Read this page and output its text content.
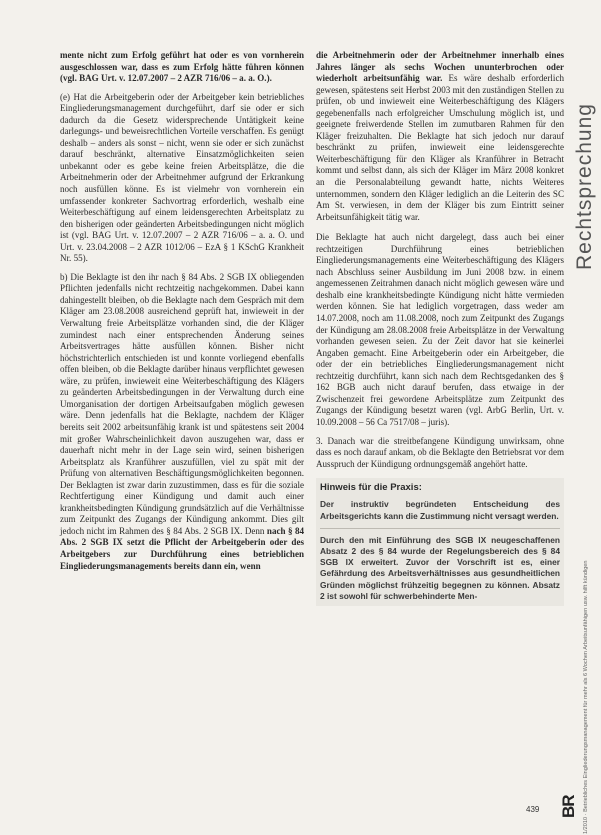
mente nicht zum Erfolg geführt hat oder es von vornherein ausgeschlossen war, dass es zum Erfolg hätte führen können (vgl. BAG Urt. v. 12.07.2007 – 2 AZR 716/06 – a. a. O.).

(e) Hat die Arbeitgeberin oder der Arbeitgeber kein betriebliches Eingliederungsmanagement durchgeführt, darf sie oder er sich dadurch da die Gesetz widersprechende Untätigkeit keine darlegungs- und beweisrechtlichen Vorteile verschaffen. Es genügt deshalb – anders als sonst – nicht, wenn sie oder er sich zunächst darauf beschränkt, alternative Einsatzmöglichkeiten seien unbekannt oder es gebe keine freien Arbeitsplätze, die die Arbeitnehmerin oder der Arbeitnehmer aufgrund der Erkrankung noch ausfüllen könne. Es ist vielmehr von vornherein ein umfassender konkreter Sachvortrag erforderlich, weshalb eine Weiterbeschäftigung auf einem leidensgerechten Arbeitsplatz zu den bisherigen oder geänderten Arbeitsbedingungen nicht möglich ist (vgl. BAG Urt. v. 12.07.2007 – 2 AZR 716/06 – a. a. O. und Urt. v. 23.04.2008 – 2 AZR 1012/06 – EzA § 1 KSchG Krankheit Nr. 55).

b) Die Beklagte ist den ihr nach § 84 Abs. 2 SGB IX obliegenden Pflichten jedenfalls nicht rechtzeitig nachgekommen. Dabei kann dahingestellt bleiben, ob die Beklagte nach dem Gespräch mit dem Kläger am 23.08.2008 ausreichend geprüft hat, inwieweit in der Verwaltung freie Arbeitsplätze vorhanden sind, die der Kläger zumindest nach einer entsprechenden Änderung seines Arbeitsvertrages hätte ausfüllen können. Bisher nicht höchstrichterlich entschieden ist und konnte vorliegend ebenfalls offen bleiben, ob die Beklagte darüber hinaus verpflichtet gewesen wäre, zu prüfen, inwieweit eine Weiterbeschäftigung des Klägers zu geänderten Arbeitsbedingungen in der Verwaltung durch eine Umorganisation der dortigen Arbeitsaufgaben möglich gewesen wäre. Denn jedenfalls hat die Beklagte, nachdem der Kläger bereits seit 2002 arbeitsunfähig krank ist und spätestens seit 2004 mit großer Wahrscheinlichkeit davon auszugehen war, dass er dauerhaft nicht mehr in der Lage sein wird, seinen bisherigen Arbeitsplatz als Kranführer auszufüllen, viel zu spät mit der Prüfung von alternativen Beschäftigungsmöglichkeiten begonnen. Der Beklagten ist zwar darin zuzustimmen, dass es für die soziale Rechtfertigung einer Kündigung und damit auch einer krankheitsbedingten Kündigung grundsätzlich auf die Verhältnisse zum Zeitpunkt des Zugangs der Kündigung ankommt. Dies gilt jedoch nicht im Rahmen des § 84 Abs. 2 SGB IX. Denn nach § 84 Abs. 2 SGB IX setzt die Pflicht der Arbeitgeberin oder des Arbeitgebers zur Durchführung eines betrieblichen Eingliederungsmanagements bereits dann ein, wenn

die Arbeitnehmerin oder der Arbeitnehmer innerhalb eines Jahres länger als sechs Wochen ununterbrochen oder wiederholt arbeitsunfähig war. Es wäre deshalb erforderlich gewesen, spätestens seit Herbst 2003 mit den zuständigen Stellen zu prüfen, ob und inwieweit eine Weiterbeschäftigung des Klägers gegebenenfalls nach erfolgreicher Umschulung möglich ist, und geeignete freiwerdende Stellen im zumutbaren Rahmen für den Kläger freizuhalten. Die Beklagte hat sich jedoch nur darauf beschränkt zu prüfen, inwieweit eine leidensgerechte Weiterbeschäftigung für den Kläger als Kranführer in Betracht kommt und selbst dann, als sich der Kläger im März 2008 konkret an die Personalabteilung gewandt hatte, nichts Weiteres unternommen, sondern den Kläger lediglich an die Leiterin des SC Am St. verwiesen, in dem der Kläger bis zum Eintritt seiner Arbeitsunfähigkeit tätig war.

Die Beklagte hat auch nicht dargelegt, dass auch bei einer rechtzeitigen Durchführung eines betrieblichen Eingliederungsmanagements eine Weiterbeschäftigung des Klägers nach Abschluss seiner Ausbildung im Juni 2008 bzw. in einem angemessenen Zeitrahmen danach nicht möglich gewesen wäre und deshalb eine krankheitsbedingte Kündigung nicht hätte vermieden werden können. Sie hat lediglich vorgetragen, dass weder am 14.07.2008, noch am 11.08.2008, noch zum Zeitpunkt des Zugangs der Kündigung am 28.08.2008 freie Arbeitsplätze in der Verwaltung vorhanden gewesen seien. Zu der Zeit davor hat sie keinerlei Angaben gemacht. Eine Arbeitgeberin oder ein Arbeitgeber, die oder der ein betriebliches Eingliederungsmanagement nicht rechtzeitig durchführt, kann sich nach dem Rechtsgedanken des § 162 BGB auch nicht darauf berufen, dass etwaige in der Zwischenzeit frei gewordene Arbeitsplätze zum Zeitpunkt des Zugangs der Kündigung besetzt waren (vgl. ArbG Berlin, Urt. v. 10.09.2008 – 56 Ca 7517/08 – juris).

3. Danach war die streitbefangene Kündigung unwirksam, ohne dass es noch darauf ankam, ob die Beklagte den Betriebsrat vor dem Ausspruch der Kündigung ordnungsgemäß angehört hatte.

Hinweis für die Praxis:
Der instruktiv begründeten Entscheidung des Arbeitsgerichts kann die Zustimmung nicht versagt werden.
Durch den mit Einführung des SGB IX neugeschaffenen Absatz 2 des § 84 wurde der Regelungsbereich des § 84 SGB IX erweitert. Zuvor der Vorschrift ist es, einer Gefährdung des Arbeitsverhältnisses aus gesundheitlichen Gründen möglichst frühzeitig begegnen zu können. Absatz 2 ist sowohl für schwerbehinderte Men-
Rechtsprechung
1/2010 · Betriebliches Eingliederungsmanagement für mehr als 6 Wochen Arbeitsunfähigen usw. hilft kündigen
BR
439
